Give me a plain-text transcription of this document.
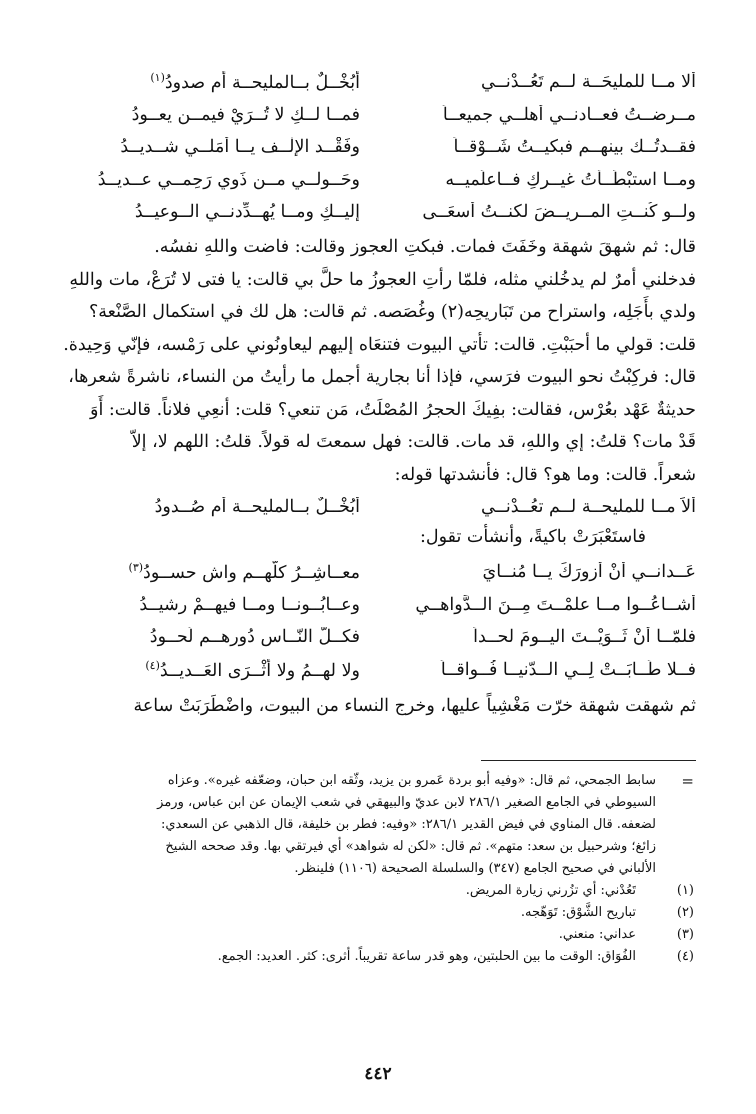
ألا مــا للمليحَــة لــم تَعُــدْنــي
أبُخْــلٌ بــالمليحــة أم صدودُ$^{(١)}$
مــرِضــتُ فعــادنــي أهلــي جميعــاً
فمــا لــكِ لا تُــرَيْ فيمــن يعــودُ
فقــدتُــك بينهــم فبكيــتُ شَــوْقــاً
وفَقْــد الإلْــف يــا أَمَلــي شــديــدُ
ومــا استبْطَــأْتُ غيــركِ فــاعلَميــه
وحَــولــي مــن ذَوِي رَحِمــي عــديــدُ
ولــو كُنــتِ المــريــضَ لكنــتُ أسعَــى
إليــكِ ومــا يُهــدِّدنــي الــوعيــدُ

قال: ثم شهقَ شهقة وخَفَتَ فمات. فبكتِ العجوز وقالت: فاضت واللهِ نفسُه.

فدخلني أمرٌ لم يدخُلني مثله، فلمّا رأتِ العجوزُ ما حلَّ بي قالت: يا فتى لا تُرَعْ، مات واللهِ

ولدي بأَجَلِه، واستراح من تَبَاريحِه(٢) وغُصَصه. ثم قالت: هل لك في استكمال الصَّنْعة؟

قلت: قولي ما أحبَبْتِ. قالت: تأتي البيوت فتنعَاه إليهم ليعاونُوني على رَمْسه، فإنّي وَحِيدة.

قال: فركِبْتُ نحو البيوت فرَسي، فإذا أنا بجارية أجمل ما رأيتُ من النساء، ناشرةً شعرها،

حديثةٌ عَهْد بعُرْس، فقالت: بفِيكَ الحجرُ المُصْلَتُ، مَن تنعي؟ قلت: أنعِي فلاناً. قالت: أَوَ

قَدْ مات؟ قلتُ: إي واللهِ، قد مات. قالت: فهل سمعتَ له قولاً. قلتُ: اللهم لا، إلاّ

شعراً. قالت: وما هو؟ قال: فأنشدتها قوله:

ألاَ مــا للمليحــة لــم تعُــدْنــي
أبُخْــلٌ بــالمليحــة أم صُــدودُ

فاستَعْبَرَتْ باكيةً، وأنشأت تقول:

عَــدانــي أنْ أزورَكَ يــا مُنــايَ
معــاشِــرُ كلُّهــم واشٍ حســودُ$^{(٣)}$
أشــاعُــوا مــا علمْــتَ مِــنَ الــدَّواهــي
وعــابُــونــا ومــا فيهِــمْ رشيــدُ
فلمّــا أنْ ثَــوَيْــتَ اليــومَ لحــداً
فكــلُّ النّــاسِ دُورهــم لُحــودُ
فــلا طَــابَــتْ لِــي الــدّنيــا فُــواقــاً
ولا لهــمُ ولا أثْــرَى العَــديــدُ$^{(٤)}$

ثم شهقت شهقة خرّت مَغْشِياً عليها، وخرج النساء من البيوت، واضْطَرَبَتْ ساعة

=

سابط الجمحي، ثم قال: «وفيه أبو بردة عَمرو بن يزيد، وثّقه ابن حبان، وضعّفه غيره». وعزاه

السيوطي في الجامع الصغير ٢٨٦/١ لابن عديّ والبيهقي في شعب الإيمان عن ابن عباس، ورمز

لضعفه. قال المناوي في فيض القدير ٢٨٦/١: «وفيه: فطر بن خليفة، قال الذهبي عن السعدي:

زائغ؛ وشرحبيل بن سعد: متهم». ثم قال: «لكن له شواهد» أي فيرتقي بها. وقد صححه الشيخ

الألباني في صحيح الجامع (٣٤٧) والسلسلة الصحيحة (١١٠٦) فلينظر.

(١)
تَعُدْني: أي تزُرني زيارة المريض.
(٢)
تباريح الشَّوْق: تَوَهّجه.
(٣)
عداني: منعني.
(٤)
الفُوَاق: الوقت ما بين الحلبتين، وهو قدر ساعة تقريباً. أثرى: كثر. العديد: الجمع.
٤٤٢
